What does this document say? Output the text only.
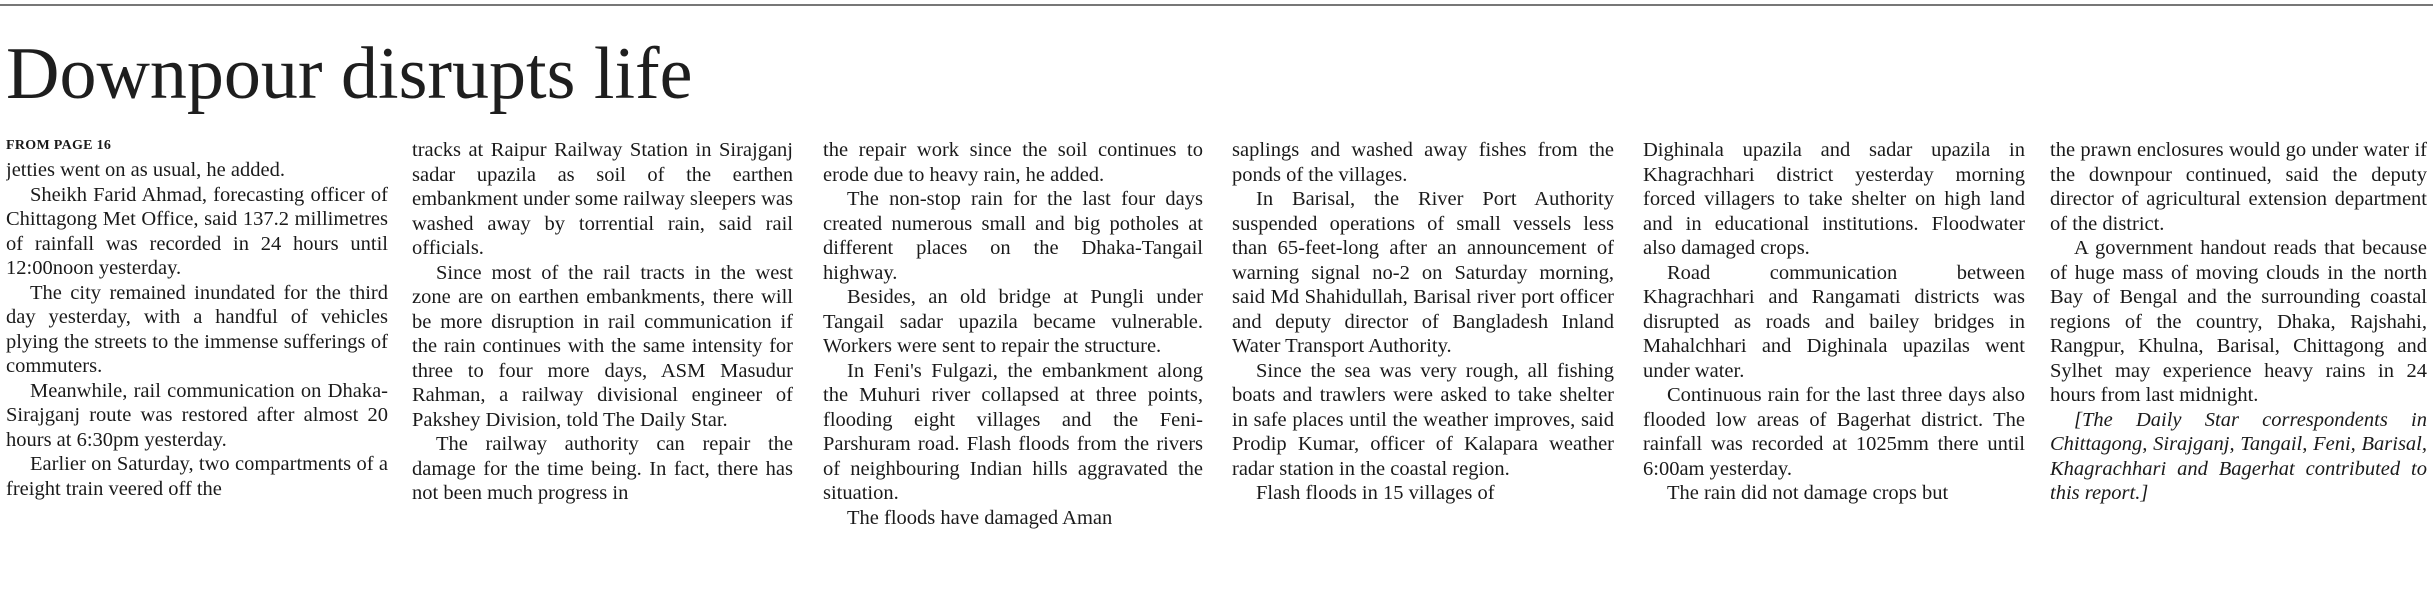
Downpour disrupts life
FROM PAGE 16

jetties went on as usual, he added.

Sheikh Farid Ahmad, forecasting officer of Chittagong Met Office, said 137.2 millimetres of rainfall was recorded in 24 hours until 12:00noon yesterday.

The city remained inundated for the third day yesterday, with a handful of vehicles plying the streets to the immense sufferings of commuters.

Meanwhile, rail communication on Dhaka-Sirajganj route was restored after almost 20 hours at 6:30pm yesterday.

Earlier on Saturday, two compartments of a freight train veered off the

tracks at Raipur Railway Station in Sirajganj sadar upazila as soil of the earthen embankment under some railway sleepers was washed away by torrential rain, said rail officials.

Since most of the rail tracts in the west zone are on earthen embankments, there will be more disruption in rail communication if the rain continues with the same intensity for three to four more days, ASM Masudur Rahman, a railway divisional engineer of Pakshey Division, told The Daily Star.

The railway authority can repair the damage for the time being. In fact, there has not been much progress in

the repair work since the soil continues to erode due to heavy rain, he added.

The non-stop rain for the last four days created numerous small and big potholes at different places on the Dhaka-Tangail highway.

Besides, an old bridge at Pungli under Tangail sadar upazila became vulnerable. Workers were sent to repair the structure.

In Feni's Fulgazi, the embankment along the Muhuri river collapsed at three points, flooding eight villages and the Feni-Parshuram road. Flash floods from the rivers of neighbouring Indian hills aggravated the situation.

The floods have damaged Aman

saplings and washed away fishes from the ponds of the villages.

In Barisal, the River Port Authority suspended operations of small vessels less than 65-feet-long after an announcement of warning signal no-2 on Saturday morning, said Md Shahidullah, Barisal river port officer and deputy director of Bangladesh Inland Water Transport Authority.

Since the sea was very rough, all fishing boats and trawlers were asked to take shelter in safe places until the weather improves, said Prodip Kumar, officer of Kalapara weather radar station in the coastal region.

Flash floods in 15 villages of

Dighinala upazila and sadar upazila in Khagrachhari district yesterday morning forced villagers to take shelter on high land and in educational institutions. Floodwater also damaged crops.

Road communication between Khagrachhari and Rangamati districts was disrupted as roads and bailey bridges in Mahalchhari and Dighinala upazilas went under water.

Continuous rain for the last three days also flooded low areas of Bagerhat district. The rainfall was recorded at 1025mm there until 6:00am yesterday.

The rain did not damage crops but

the prawn enclosures would go under water if the downpour continued, said the deputy director of agricultural extension department of the district.

A government handout reads that because of huge mass of moving clouds in the north Bay of Bengal and the surrounding coastal regions of the country, Dhaka, Rajshahi, Rangpur, Khulna, Barisal, Chittagong and Sylhet may experience heavy rains in 24 hours from last midnight.

[The Daily Star correspondents in Chittagong, Sirajganj, Tangail, Feni, Barisal, Khagrachhari and Bagerhat contributed to this report.]
